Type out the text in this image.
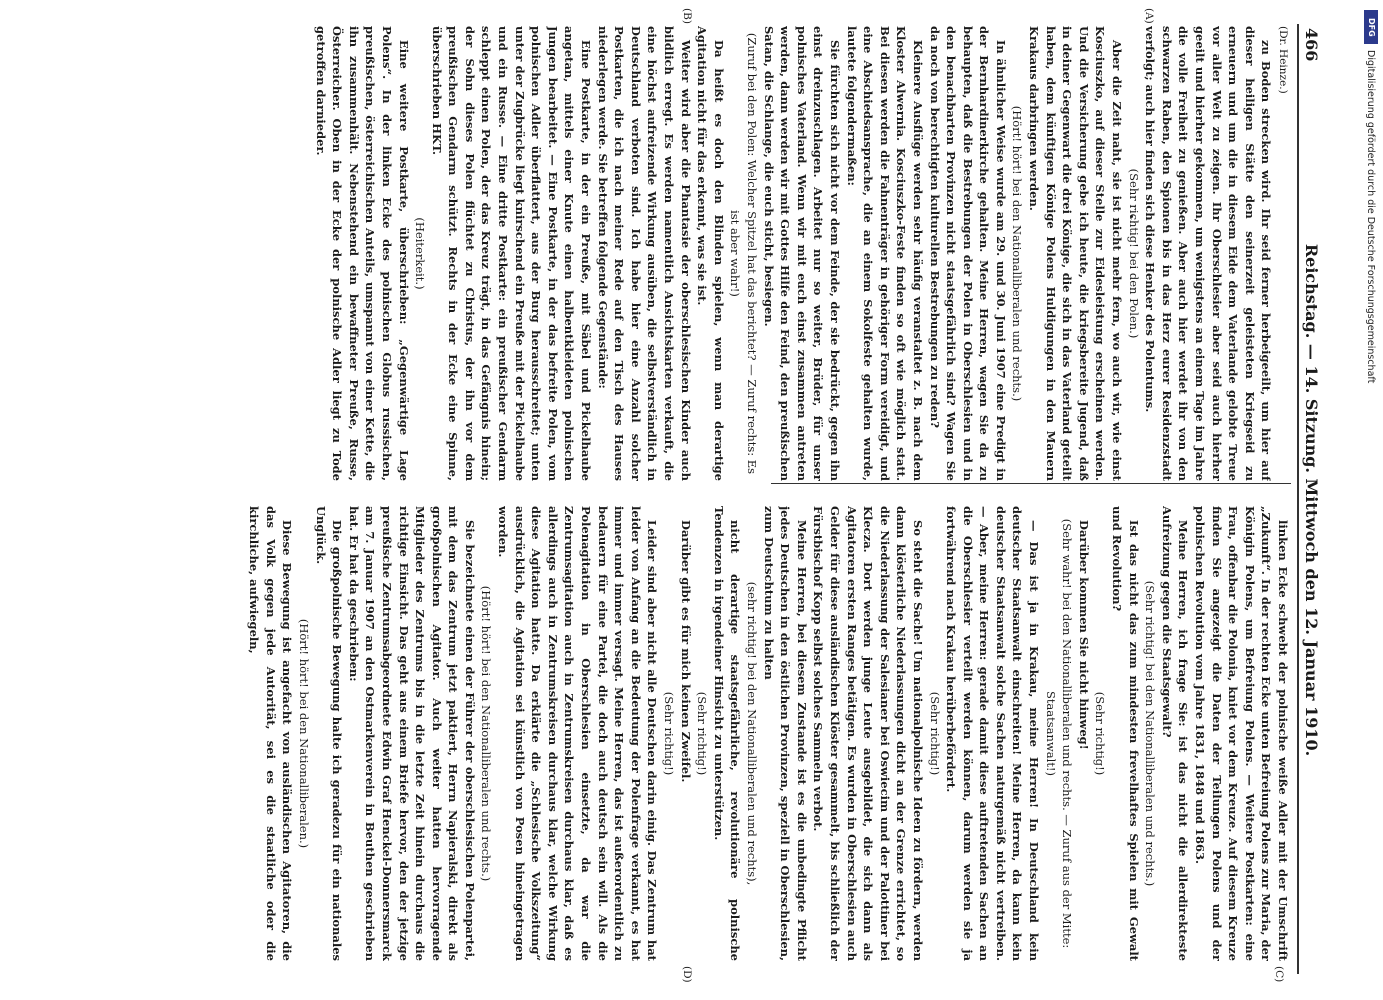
466
Reichstag. — 14. Sitzung. Mittwoch den 12. Januar 1910.
(A)
(B)
(C)
(D)

(Dr. Heinze.)

zu Boden strecken wird. Ihr seid ferner herbeigeeilt, um hier auf dieser heiligen Stätte den seinerzeit geleisteten Kriegseid zu erneuern und um die in diesem Eide dem Vaterlande gelobte Treue vor aller Welt zu zeigen. Ihr Oberschlesier aber seid auch hierher geeilt und hierher gekommen, um wenigstens an einem Tage im Jahre die volle Freiheit zu genießen. Aber auch hier werdet ihr von den schwarzen Raben, den Spionen bis in das Herz eurer Residenzstadt verfolgt; auch hier finden sich diese Henker des Polentums.

(Sehr richtig! bei den Polen.)

Aber die Zeit naht, sie ist nicht mehr fern, wo auch wir, wie einst Kosciuszko, auf dieser Stelle zur Eidesleistung erscheinen werden. Und die Versicherung gebe ich heute, die kriegsbereite Jugend, daß in deiner Gegenwart die drei Könige, die sich in das Vaterland geteilt haben, dem künftigen Könige Polens Huldigungen in den Mauern Krakaus darbringen werden.

(Hört! hört! bei den Nationalliberalen und rechts.)

In ähnlicher Weise wurde am 29. und 30. Juni 1907 eine Predigt in der Bernhardinerkirche gehalten. Meine Herren, wagen Sie da zu behaupten, daß die Bestrebungen der Polen in Oberschlesien und in den benachbarten Provinzen nicht staatsgefährlich sind? Wagen Sie da noch von berechtigten kulturellen Bestrebungen zu reden?

Kleinere Ausflüge werden sehr häufig veranstaltet z. B. nach dem Kloster Alwernia. Kosciuszko-Feste finden so oft wie möglich statt. Bei diesen werden die Fahnenträger in gehöriger Form vereidigt, und eine Abschiedsansprache, die an einem Sokolfeste gehalten wurde, lautete folgendermaßen:

Sie fürchten sich nicht vor dem Feinde, der sie bedrückt, gegen ihn einst dreinzuschlagen. Arbeitet nur so weiter, Brüder, für unser polnisches Vaterland. Wenn wir mit euch einst zusammen antreten werden, dann werden wir mit Gottes Hilfe den Feind, den preußischen Satan, die Schlange, die euch sticht, besiegen.

(Zuruf bei den Polen: Welcher Spitzel hat das berichtet? — Zuruf rechts: Es ist aber wahr!)

Da heißt es doch den Blinden spielen, wenn man derartige Agitation nicht für das erkennt, was sie ist.

Weiter wird aber die Phantasie der oberschlesischen Kinder auch bildlich erregt. Es werden namentlich Ansichtskarten verkauft, die eine höchst aufreizende Wirkung ausüben, die selbstverständlich in Deutschland verboten sind. Ich habe hier eine Anzahl solcher Postkarten, die ich nach meiner Rede auf den Tisch des Hauses niederlegen werde. Sie betreffen folgende Gegenstände:

Eine Postkarte, in der ein Preuße, mit Säbel und Pickelhaube angetan, mittels einer Knute einen halbentkleideten polnischen Jungen bearbeitet. — Eine Postkarte, in der das befreite Polen, vom polnischen Adler überflattert, aus der Burg herausschreitet; unten unter der Zugbrücke liegt knirschend ein Preuße mit der Pickelhaube und ein Russe. — Eine dritte Postkarte: ein preußischer Gendarm schleppt einen Polen, der das Kreuz trägt, in das Gefängnis hinein; der Sohn dieses Polen flüchtet zu Christus, der ihn vor dem preußischen Gendarm schützt. Rechts in der Ecke eine Spinne, überschrieben HKT.

(Heiterkeit.)

Eine weitere Postkarte, überschrieben: „Gegenwärtige Lage Polens“. In der linken Ecke des polnischen Globus russischen, preußischen, österreichischen Anteils, umspannt von einer Kette, die ihn zusammenhält. Nebenstehend ein bewaffneter Preuße, Russe, Österreicher. Oben in der Ecke der polnische Adler liegt zu Tode getroffen darnieder.

linken Ecke schwebt der polnische weiße Adler mit der Umschrift „Zukunft“. In der rechten Ecke unten Befreiung Polens zur Maria, der Königin Polens, um Befreiung Polens. — Weitere Postkarten: eine Frau, offenbar die Polonia, kniet vor dem Kreuze. Auf diesem Kreuze finden Sie angezeigt die Daten der Teilungen Polens und der polnischen Revolution vom Jahre 1831, 1848 und 1863.

Meine Herren, ich frage Sie: ist das nicht die allerdirekteste Aufreizung gegen die Staatsgewalt?

(Sehr richtig! bei den Nationalliberalen und rechts.)

Ist das nicht das zum mindesten frevelhaftes Spielen mit Gewalt und Revolution?

(Sehr richtig!)

Darüber kommen Sie nicht hinweg!

(Sehr wahr! bei den Nationalliberalen und rechts. — Zuruf aus der Mitte: Staatsanwalt!)

— Das ist ja in Krakau, meine Herren! In Deutschland kein deutscher Staatsanwalt einschreiten! Meine Herren, da kann kein deutscher Staatsanwalt solche Sachen naturgemäß nicht vertreiben. — Aber, meine Herren: gerade damit diese auftretenden Sachen an die Oberschlesier verteilt werden können, darum werden sie ja fortwährend nach Krakau herüberbefördert.

(Sehr richtig!)

So steht die Sache! Um nationalpolnische Ideen zu fördern, werden dann klösterliche Niederlassungen dicht an der Grenze errichtet, so die Niederlassung der Salesianer bei Oswiecim und der Palottiner bei Klecza. Dort werden junge Leute ausgebildet, die sich dann als Agitatoren ersten Ranges betätigen. Es wurden in Oberschlesien auch Gelder für diese ausländischen Klöster gesammelt, bis schließlich der Fürstbischof Kopp selbst solches Sammeln verbot.

Meine Herren, bei diesem Zustande ist es die unbedingte Pflicht jedes Deutschen in den östlichen Provinzen, speziell in Oberschlesien, zum Deutschtum zu halten

(sehr richtig! bei den Nationalliberalen und rechts),

nicht derartige staatsgefährliche, revolutionäre polnische Tendenzen in irgendeiner Hinsicht zu unterstützen.

(Sehr richtig!)

Darüber gibt es für mich keinen Zweifel.

(Sehr richtig!)

Leider sind aber nicht alle Deutschen darin einig. Das Zentrum hat leider von Anfang an die Bedeutung der Polenfrage verkannt, es hat immer und immer versagt. Meine Herren, das ist außerordentlich zu bedauern für eine Partei, die doch auch deutsch sein will. Als die Polenagitation in Oberschlesien einsetzte, da war die Zentrumsagitation auch in Zentrumskreisen durchaus klar, daß es allerdings auch in Zentrumskreisen durchaus klar, welche Wirkung diese Agitation hatte. Da erklärte die „Schlesische Volkszeitung“ ausdrücklich, die Agitation sei künstlich von Posen hineingetragen worden.

(Hört! hört! bei den Nationalliberalen und rechts.)

Sie bezeichnete einen der Führer der oberschlesischen Polenpartei, mit dem das Zentrum jetzt paktiert, Herrn Napieralski, direkt als großpolnischen Agitator. Auch weiter hatten hervorragende Mitglieder des Zentrums bis in die letzte Zeit hinein durchaus die richtige Einsicht. Das geht aus einem Briefe hervor, den der jetzige preußische Zentrumsabgeordnete Edwin Graf Henckel-Donnersmarck am 7. Januar 1907 an den Ostmarkenverein in Beuthen geschrieben hat. Er hat da geschrieben:

Die großpolnische Bewegung halte ich geradezu für ein nationales Unglück.

(Hört! hört! bei den Nationalliberalen.)

Diese Bewegung ist angefacht von ausländischen Agitatoren, die das Volk gegen jede Autorität, sei es die staatliche oder die kirchliche, aufwiegeln,

DFG
Digitalisierung gefördert durch die Deutsche Forschungsgemeinschaft
